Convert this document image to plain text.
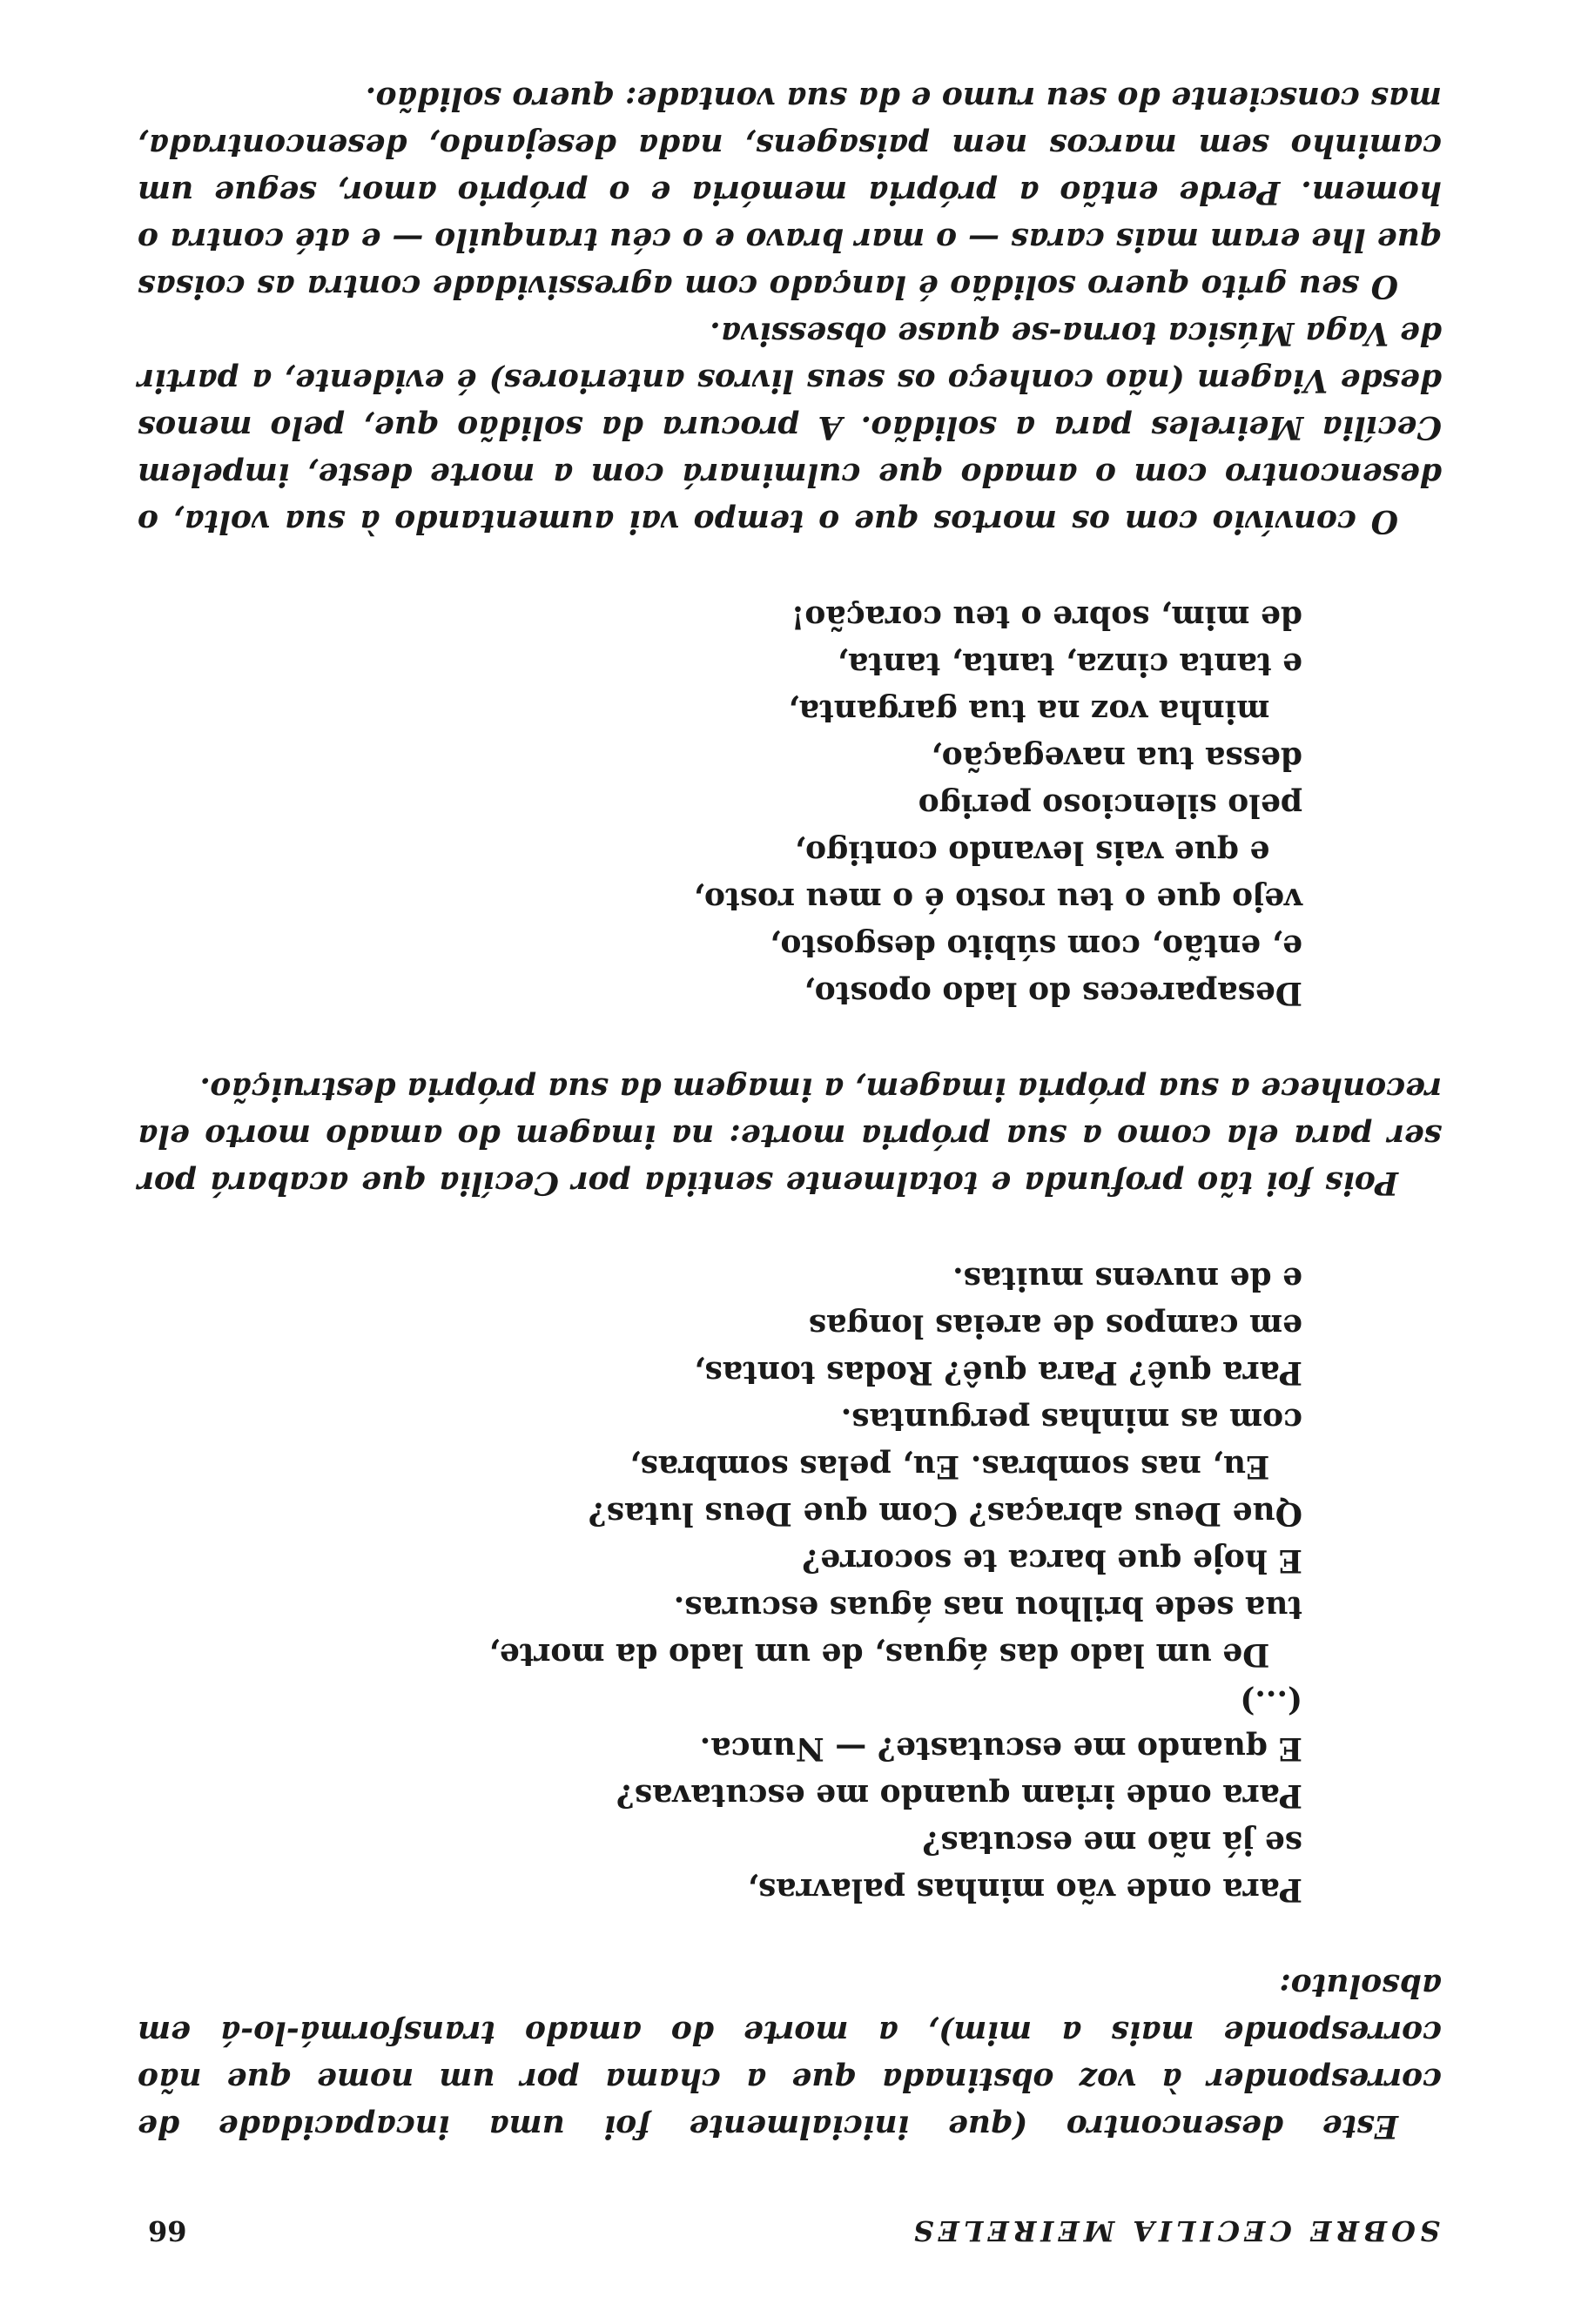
SOBRE CECILIA MEIRELES
66

Este desencontro (que inicialmente foi uma incapacidade de corresponder à voz obstinada que a chama por um nome que não corresponde mais a mim), a morte do amado transformá-lo-á em absoluto:

Para onde vão minhas palavras,
se já não me escutas?
Para onde iriam quando me escutavas?
E quando me escutaste? — Nunca.
(...)
De um lado das águas, de um lado da morte,
tua sede brilhou nas águas escuras.
E hoje que barca te socorre?
Que Deus abraças? Com que Deus lutas?
Eu, nas sombras. Eu, pelas sombras,
com as minhas perguntas.
Para quê? Para quê? Rodas tontas,
em campos de areias longas
e de nuvens muitas.

Pois foi tão profunda e totalmente sentida por Cecília que acabará por ser para ela como a sua própria morte: na imagem do amado morto ela reconhece a sua própria imagem, a imagem da sua própria destruição.

Desapareces do lado oposto,
e, então, com súbito desgosto,
vejo que o teu rosto é o meu rosto,
e que vais levando contigo,
pelo silencioso perigo
dessa tua navegação,
minha voz na tua garganta,
e tanta cinza, tanta, tanta,
de mim, sobre o teu coração!

O convívio com os mortos que o tempo vai aumentando à sua volta, o desencontro com o amado que culminará com a morte deste, impelem Cecília Meireles para a solidão. A procura da solidão que, pelo menos desde Viagem (não conheço os seus livros anteriores) é evidente, a partir de Vaga Música torna-se quase obsessiva.

O seu grito quero solidão é lançado com agressividade contra as coisas que lhe eram mais caras — o mar bravo e o céu tranquilo — e até contra o homem. Perde então a própria memória e o próprio amor, segue um caminho sem marcos nem paisagens, nada desejando, desencontrada, mas consciente do seu rumo e da sua vontade: quero solidão.
